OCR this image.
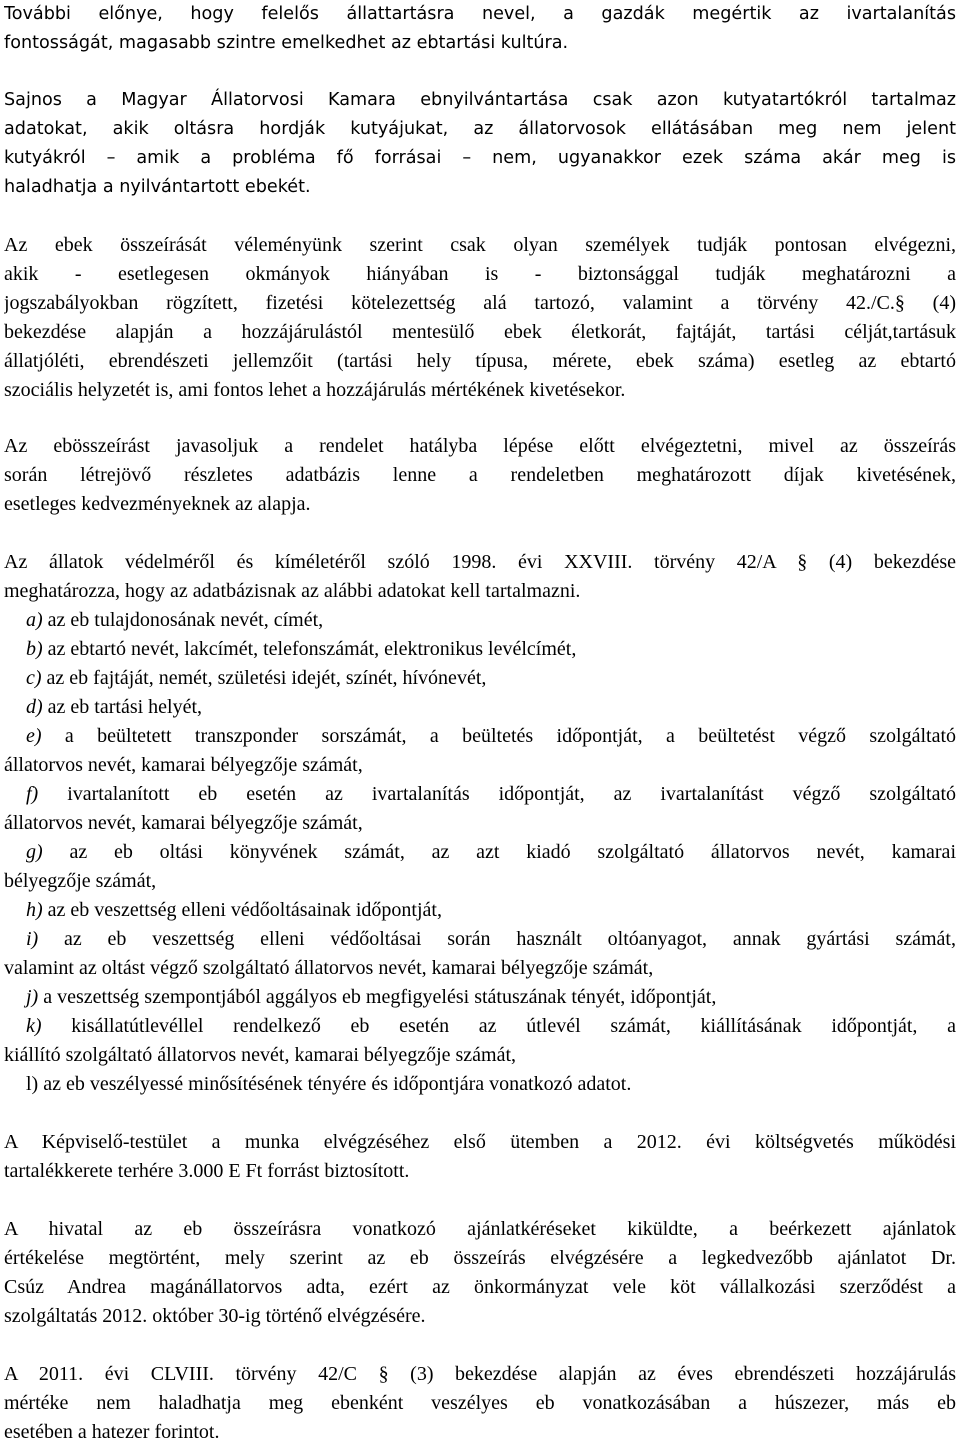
További előnye, hogy felelős állattartásra nevel, a gazdák megértik az ivartalanítás
fontosságát, magasabb szintre emelkedhet az ebtartási kultúra.
Sajnos a Magyar Állatorvosi Kamara ebnyilvántartása csak azon kutyatartókról tartalmaz
adatokat, akik oltásra hordják kutyájukat, az állatorvosok ellátásában meg nem jelent
kutyákról – amik a probléma fő forrásai – nem, ugyanakkor ezek száma akár meg is
haladhatja a nyilvántartott ebekét.
Az ebek összeírását véleményünk szerint csak olyan személyek tudják pontosan elvégezni,
akik - esetlegesen okmányok hiányában is - biztonsággal tudják meghatározni a
jogszabályokban rögzített, fizetési kötelezettség alá tartozó, valamint a törvény 42./C.§ (4)
bekezdése alapján a hozzájárulástól mentesülő ebek életkorát, fajtáját, tartási célját,tartásuk
állatjóléti, ebrendészeti jellemzőit (tartási hely típusa, mérete, ebek száma) esetleg az ebtartó
szociális helyzetét is, ami fontos lehet a hozzájárulás mértékének kivetésekor.
Az ebösszeírást javasoljuk a rendelet hatályba lépése előtt elvégeztetni, mivel az összeírás
során létrejövő részletes adatbázis lenne a rendeletben meghatározott díjak kivetésének,
esetleges kedvezményeknek az alapja.
Az állatok védelméről és kíméletéről szóló 1998. évi XXVIII. törvény 42/A § (4) bekezdése
meghatározza, hogy az adatbázisnak az alábbi adatokat kell tartalmazni.
a) az eb tulajdonosának nevét, címét,
b) az ebtartó nevét, lakcímét, telefonszámát, elektronikus levélcímét,
c) az eb fajtáját, nemét, születési idejét, színét, hívónevét,
d) az eb tartási helyét,
e) a beültetett transzponder sorszámát, a beültetés időpontját, a beültetést végző szolgáltató
állatorvos nevét, kamarai bélyegzője számát,
f) ivartalanított eb esetén az ivartalanítás időpontját, az ivartalanítást végző szolgáltató
állatorvos nevét, kamarai bélyegzője számát,
g) az eb oltási könyvének számát, az azt kiadó szolgáltató állatorvos nevét, kamarai
bélyegzője számát,
h) az eb veszettség elleni védőoltásainak időpontját,
i) az eb veszettség elleni védőoltásai során használt oltóanyagot, annak gyártási számát,
valamint az oltást végző szolgáltató állatorvos nevét, kamarai bélyegzője számát,
j) a veszettség szempontjából aggályos eb megfigyelési státuszának tényét, időpontját,
k) kisállatútlevéllel rendelkező eb esetén az útlevél számát, kiállításának időpontját, a
kiállító szolgáltató állatorvos nevét, kamarai bélyegzője számát,
l) az eb veszélyessé minősítésének tényére és időpontjára vonatkozó adatot.
A Képviselő-testület a munka elvégzéséhez első ütemben a 2012. évi költségvetés működési
tartalékkerete terhére 3.000 E Ft forrást biztosított.
A hivatal az eb összeírásra vonatkozó ajánlatkéréseket kiküldte, a beérkezett ajánlatok
értékelése megtörtént, mely szerint az eb összeírás elvégzésére a legkedvezőbb ajánlatot Dr.
Csúz Andrea magánállatorvos adta, ezért az önkormányzat vele köt vállalkozási szerződést a
szolgáltatás 2012. október 30-ig történő elvégzésére.
A 2011. évi CLVIII. törvény 42/C § (3) bekezdése alapján az éves ebrendészeti hozzájárulás
mértéke nem haladhatja meg ebenként veszélyes eb vonatkozásában a húszezer, más eb
esetében a hatezer forintot.
